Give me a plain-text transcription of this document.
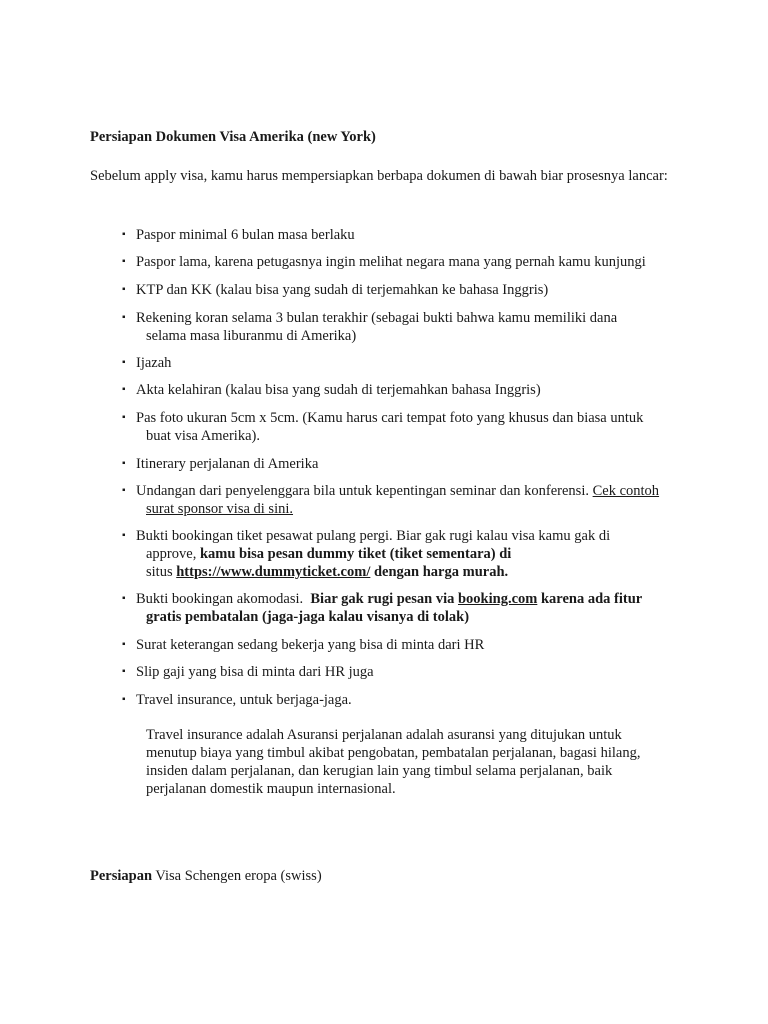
Persiapan Dokumen Visa Amerika (new York)
Sebelum apply visa, kamu harus mempersiapkan berbapa dokumen di bawah biar prosesnya lancar:
▪ Paspor minimal 6 bulan masa berlaku
▪ Paspor lama, karena petugasnya ingin melihat negara mana yang pernah kamu kunjungi
▪ KTP dan KK (kalau bisa yang sudah di terjemahkan ke bahasa Inggris)
▪ Rekening koran selama 3 bulan terakhir (sebagai bukti bahwa kamu memiliki dana
selama masa liburanmu di Amerika)
▪ Ijazah
▪ Akta kelahiran (kalau bisa yang sudah di terjemahkan bahasa Inggris)
▪ Pas foto ukuran 5cm x 5cm. (Kamu harus cari tempat foto yang khusus dan biasa untuk
buat visa Amerika).
▪ Itinerary perjalanan di Amerika
▪ Undangan dari penyelenggara bila untuk kepentingan seminar dan konferensi. Cek contoh
surat sponsor visa di sini.
▪ Bukti bookingan tiket pesawat pulang pergi. Biar gak rugi kalau visa kamu gak di
approve, kamu bisa pesan dummy tiket (tiket sementara) di
situs https://www.dummyticket.com/ dengan harga murah.
▪ Bukti bookingan akomodasi. Biar gak rugi pesan via booking.com karena ada fitur
gratis pembatalan (jaga-jaga kalau visanya di tolak)
▪ Surat keterangan sedang bekerja yang bisa di minta dari HR
▪ Slip gaji yang bisa di minta dari HR juga
▪ Travel insurance, untuk berjaga-jaga.
Travel insurance adalah Asuransi perjalanan adalah asuransi yang ditujukan untuk menutup biaya yang timbul akibat pengobatan, pembatalan perjalanan, bagasi hilang, insiden dalam perjalanan, dan kerugian lain yang timbul selama perjalanan, baik perjalanan domestik maupun internasional.
Persiapan Visa Schengen eropa (swiss)
